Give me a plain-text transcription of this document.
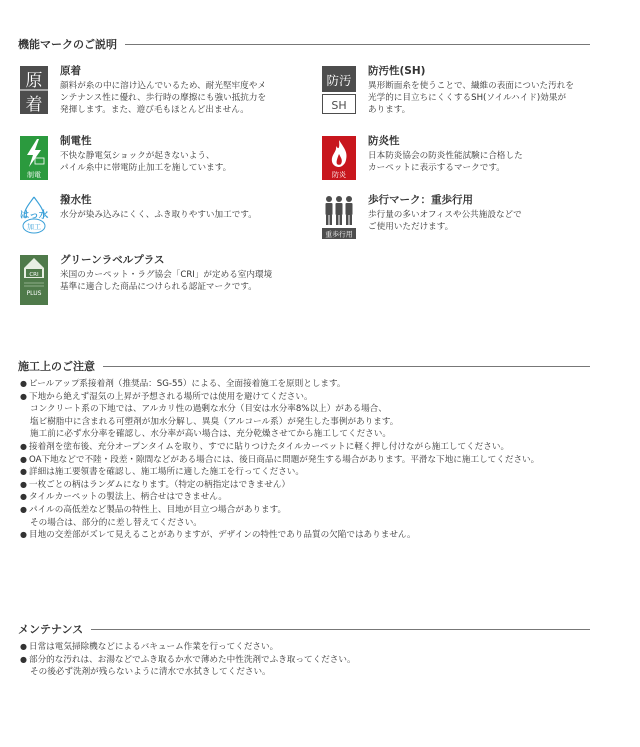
機能マークのご説明
原
着
原着
顔料が糸の中に溶け込んでいるため、耐光堅牢度やメ
ンテナンス性に優れ、歩行時の摩擦にも強い抵抗力を
発揮します。また、遊び毛もほとんど出ません。
防汚
SH
防汚性(SH)
異形断面糸を使うことで、繊維の表面についた汚れを
光学的に目立ちにくくするSH(ソイルハイド)効果が
あります。
制電
制電性
不快な静電気ショックが起きないよう、
パイル糸中に帯電防止加工を施しています。
防炎
防炎性
日本防炎協会の防炎性能試験に合格した
カーペットに表示するマークです。
はっ水
加工
撥水性
水分が染み込みにくく、ふき取りやすい加工です。
重歩行用
歩行マーク：重歩行用
歩行量の多いオフィスや公共施設などで
ご使用いただけます。
CRI
PLUS
グリーンラベルプラス
米国のカーペット・ラグ協会「CRI」が定める室内環境
基準に適合した商品につけられる認証マークです。
施工上のご注意
● ピールアップ系接着剤（推奨品：SG-55）による、全面接着施工を原則とします。
● 下地から絶えず湿気の上昇が予想される場所では使用を避けてください。
コンクリート系の下地では、アルカリ性の過剰な水分（目安は水分率8%以上）がある場合、
塩ビ樹脂中に含まれる可塑剤が加水分解し、異臭（アルコール系）が発生した事例があります。
施工前に必ず水分率を確認し、水分率が高い場合は、充分乾燥させてから施工してください。
● 接着剤を塗布後、充分オープンタイムを取り、すでに貼りつけたタイルカーペットに軽く押し付けながら施工してください。
● OA下地などで不陸・段差・隙間などがある場合には、後日商品に問題が発生する場合があります。平滑な下地に施工してください。
● 詳細は施工要領書を確認し、施工場所に適した施工を行ってください。
● 一枚ごとの柄はランダムになります。（特定の柄指定はできません）
● タイルカーペットの製法上、柄合せはできません。
● パイルの高低差など製品の特性上、目地が目立つ場合があります。
その場合は、部分的に差し替えてください。
● 目地の交差部がズレて見えることがありますが、デザインの特性であり品質の欠陥ではありません。
メンテナンス
● 日常は電気掃除機などによるバキューム作業を行ってください。
● 部分的な汚れは、お湯などでふき取るか水で薄めた中性洗剤でふき取ってください。
その後必ず洗剤が残らないように清水で水拭きしてください。
